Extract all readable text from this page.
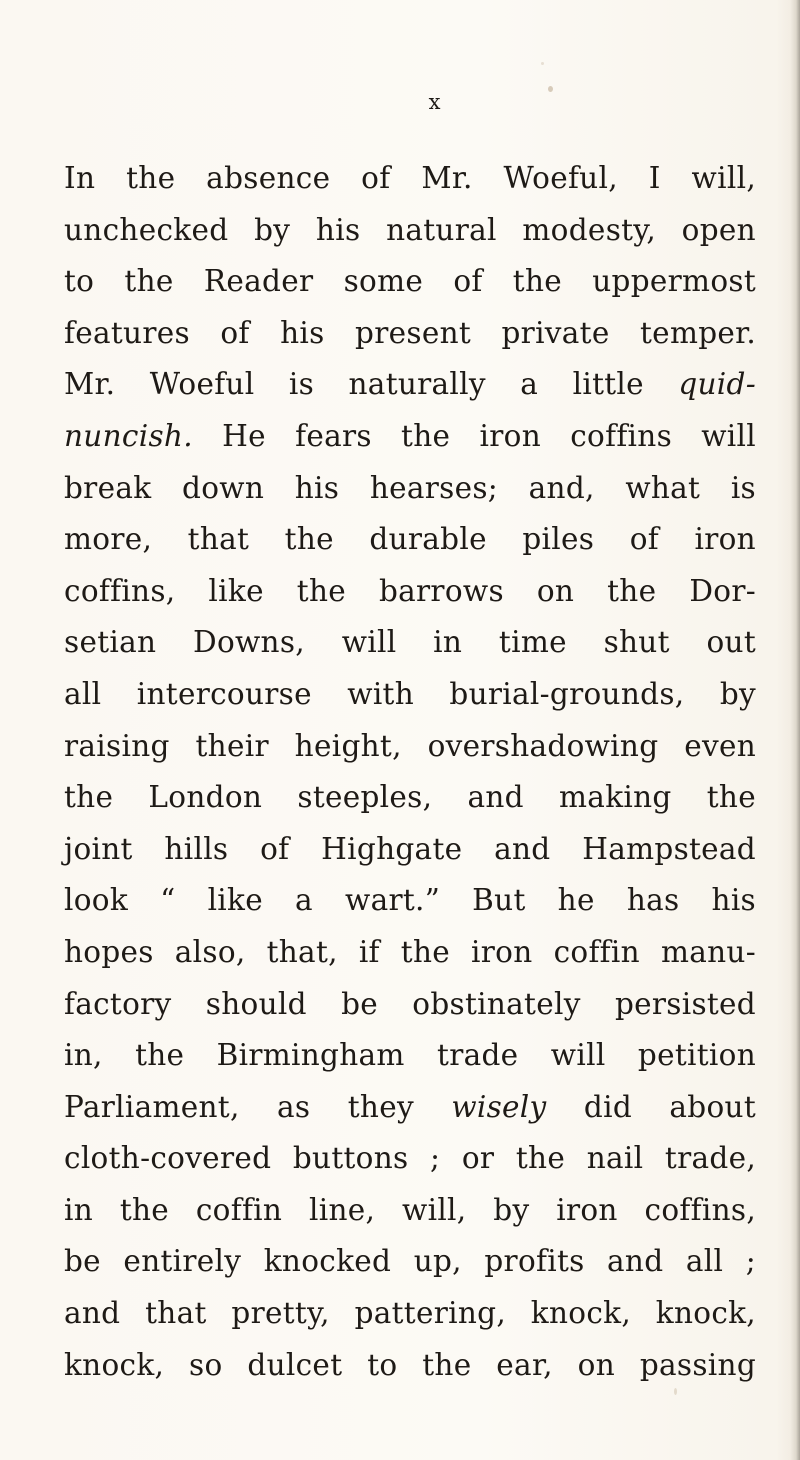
x
In the absence of Mr. Woeful, I will,
unchecked by his natural modesty, open
to the Reader some of the uppermost
features of his present private temper.
Mr. Woeful is naturally a little quid-
nuncish. He fears the iron coffins will
break down his hearses; and, what is
more, that the durable piles of iron
coffins, like the barrows on the Dor-
setian Downs, will in time shut out
all intercourse with burial-grounds, by
raising their height, overshadowing even
the London steeples, and making the
joint hills of Highgate and Hampstead
look “ like a wart.” But he has his
hopes also, that, if the iron coffin manu-
factory should be obstinately persisted
in, the Birmingham trade will petition
Parliament, as they wisely did about
cloth-covered buttons ; or the nail trade,
in the coffin line, will, by iron coffins,
be entirely knocked up, profits and all ;
and that pretty, pattering, knock, knock,
knock, so dulcet to the ear, on passing
